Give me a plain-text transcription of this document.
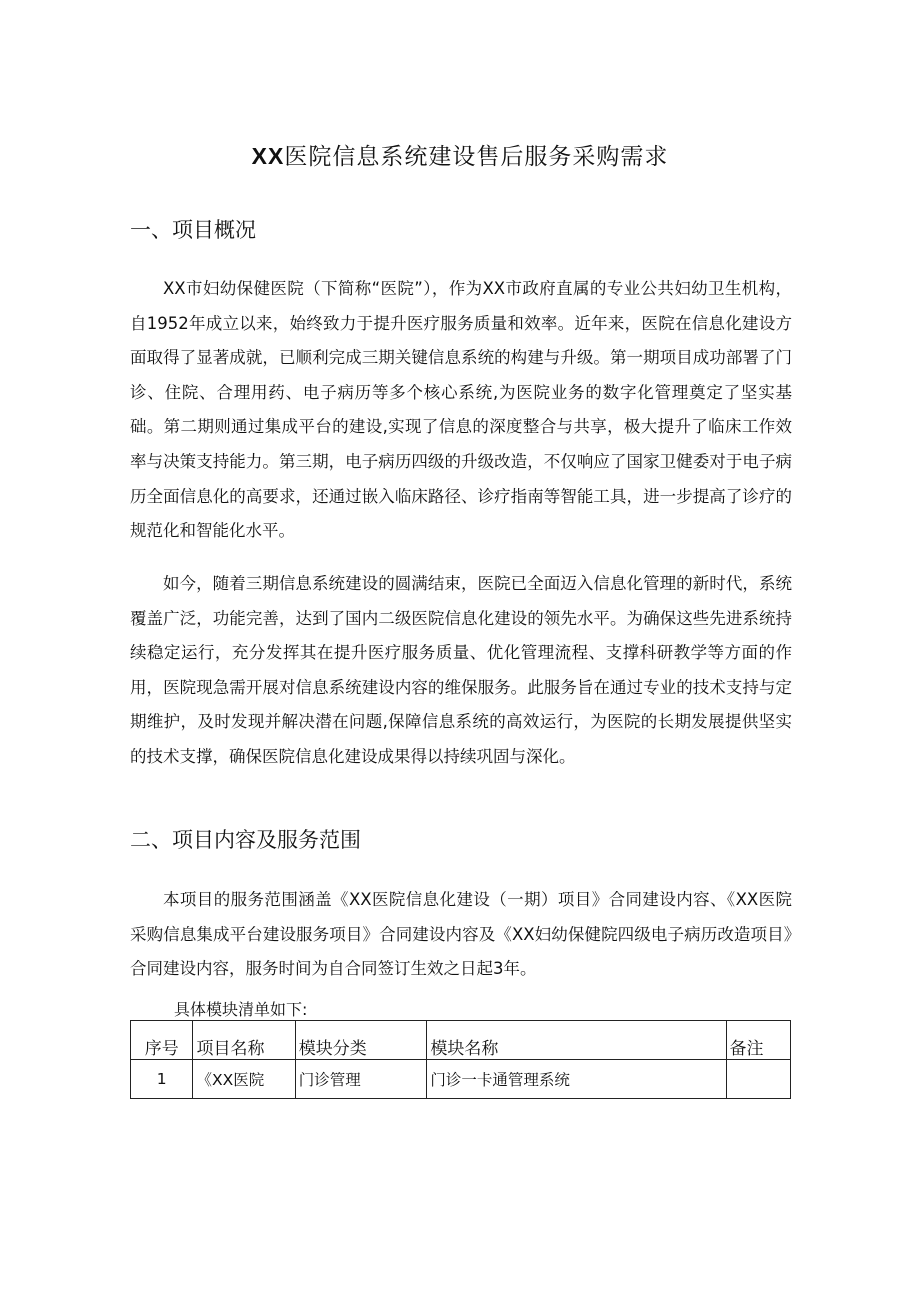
XX医院信息系统建设售后服务采购需求
一、项目概况

XX市妇幼保健医院（下简称“医院”），作为XX市政府直属的专业公共妇幼卫生机构，自1952年成立以来，始终致力于提升医疗服务质量和效率。近年来，医院在信息化建设方面取得了显著成就，已顺利完成三期关键信息系统的构建与升级。第一期项目成功部署了门诊、住院、合理用药、电子病历等多个核心系统,为医院业务的数字化管理奠定了坚实基础。第二期则通过集成平台的建设,实现了信息的深度整合与共享，极大提升了临床工作效率与决策支持能力。第三期，电子病历四级的升级改造，不仅响应了国家卫健委对于电子病历全面信息化的高要求，还通过嵌入临床路径、诊疗指南等智能工具，进一步提高了诊疗的规范化和智能化水平。

如今，随着三期信息系统建设的圆满结束，医院已全面迈入信息化管理的新时代，系统覆盖广泛，功能完善，达到了国内二级医院信息化建设的领先水平。为确保这些先进系统持续稳定运行，充分发挥其在提升医疗服务质量、优化管理流程、支撑科研教学等方面的作用，医院现急需开展对信息系统建设内容的维保服务。此服务旨在通过专业的技术支持与定期维护，及时发现并解决潜在问题,保障信息系统的高效运行，为医院的长期发展提供坚实的技术支撑，确保医院信息化建设成果得以持续巩固与深化。

二、项目内容及服务范围

本项目的服务范围涵盖《XX医院信息化建设（一期）项目》合同建设内容、《XX医院采购信息集成平台建设服务项目》合同建设内容及《XX妇幼保健院四级电子病历改造项目》合同建设内容，服务时间为自合同签订生效之日起3年。

具体模块清单如下:

序号	项目名称	模块分类	模块名称	备注
1	《XX医院	门诊管理	门诊一卡通管理系统	
